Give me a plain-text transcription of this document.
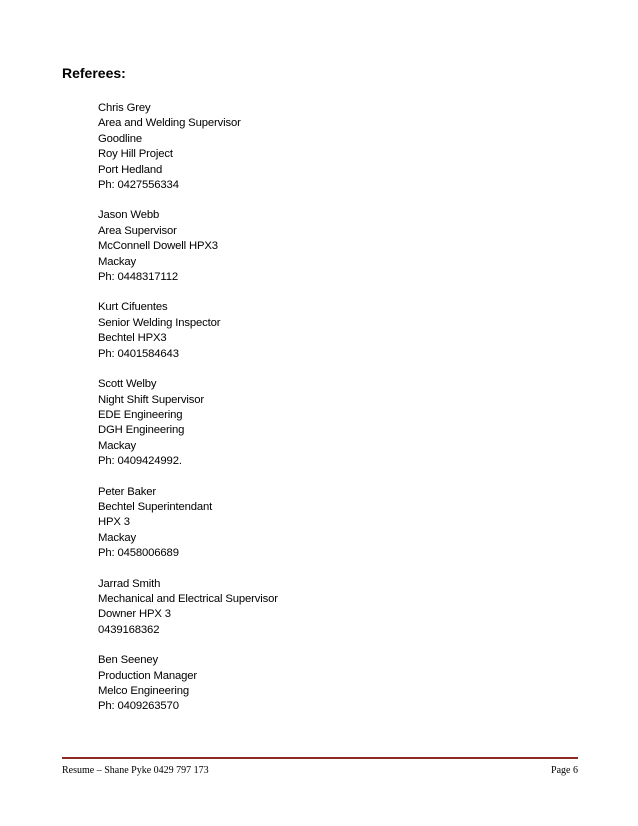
Referees:
Chris Grey
Area and Welding Supervisor
Goodline
Roy Hill Project
Port Hedland
Ph: 0427556334
Jason Webb
Area Supervisor
McConnell Dowell HPX3
Mackay
Ph: 0448317112
Kurt Cifuentes
Senior Welding Inspector
Bechtel HPX3
Ph: 0401584643
Scott Welby
Night Shift Supervisor
EDE Engineering
DGH Engineering
Mackay
Ph: 0409424992.
Peter Baker
Bechtel Superintendant
HPX 3
Mackay
Ph: 0458006689
Jarrad Smith
Mechanical and Electrical Supervisor
Downer HPX 3
0439168362
Ben Seeney
Production Manager
Melco Engineering
Ph: 0409263570
Resume – Shane Pyke 0429 797 173	Page 6
